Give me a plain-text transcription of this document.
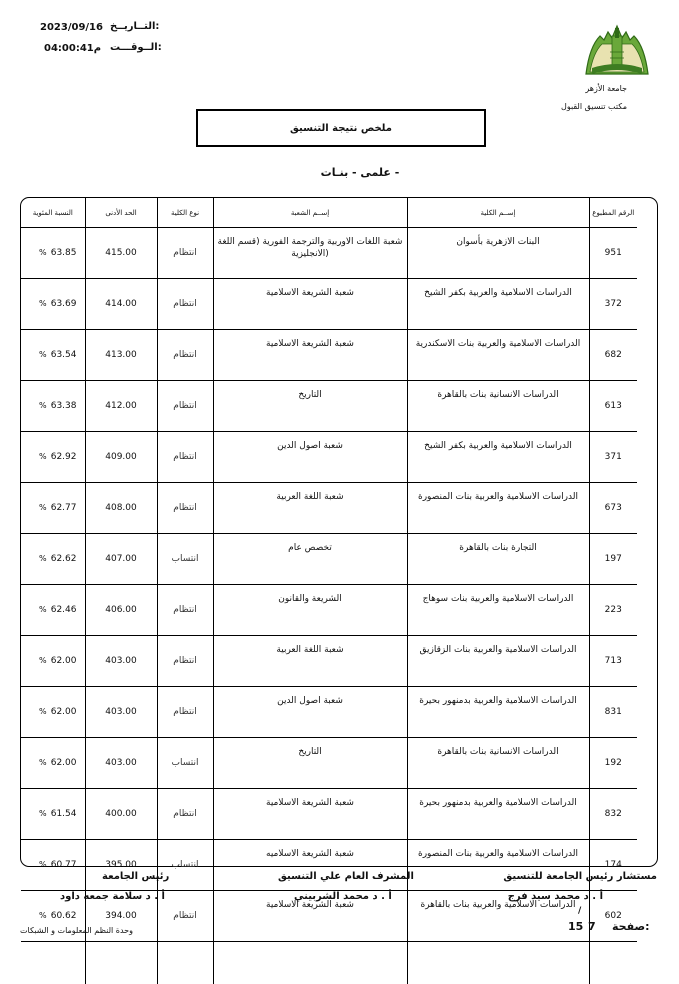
2023/09/16 التــاريــخ:
04:00:41م الــوقـــت:
جامعة الأزهر
مكتب تنسيق القبول
ملخص نتيجة التنسيق
- علمى - بنـات
الرقم المطبوع	إســم الكلية	إســم الشعبة	نوع الكلية	الحد الأدنى	النسبة المئوية
951	البنات الازهرية بأسوان	شعبة اللغات الاوربية والترجمة الفورية (قسم اللغة (الانجليزية	انتظام	415.00	% 63.85

372	الدراسات الاسلامية والعربية بكفر الشيخ	شعبة الشريعة الاسلامية	انتظام	414.00	% 63.69

682	الدراسات الاسلامية والعربية بنات الاسكندرية	شعبة الشريعة الاسلامية	انتظام	413.00	% 63.54

613	الدراسات الانسانية بنات بالقاهرة	التاريخ	انتظام	412.00	% 63.38

371	الدراسات الاسلامية والعربية بكفر الشيخ	شعبة اصول الدين	انتظام	409.00	% 62.92

673	الدراسات الاسلامية والعربية بنات المنصورة	شعبة اللغة العربية	انتظام	408.00	% 62.77

197	التجارة بنات بالقاهرة	تخصص عام	انتساب	407.00	% 62.62

223	الدراسات الاسلامية والعربية بنات سوهاج	الشريعة والقانون	انتظام	406.00	% 62.46

713	الدراسات الاسلامية والعربية بنات الزقازيق	شعبة اللغة العربية	انتظام	403.00	% 62.00

831	الدراسات الاسلامية والعربية بدمنهور بحيرة	شعبة اصول الدين	انتظام	403.00	% 62.00

192	الدراسات الانسانية بنات بالقاهرة	التاريخ	انتساب	403.00	% 62.00

832	الدراسات الاسلامية والعربية بدمنهور بحيرة	شعبة الشريعة الاسلامية	انتظام	400.00	% 61.54

174	الدراسات الاسلامية والعربية بنات المنصورة	شعبة الشريعة الاسلاميه	انتساب	395.00	% 60.77

602	الدراسات الاسلامية والعربية بنات بالقاهرة	شعبة الشريعة الاسلامية	انتظام	394.00	% 60.62

مستشار رئيس الجامعة للتنسيق
أ . د محمد سيد فرج
المشرف العام علي التنسيق
أ . د محمد الشربيني
رئيس الجامعة
أ . د سلامة جمعه داود
/
وحدة النظم المعلومات و الشبكات	15 7 صفحة:
